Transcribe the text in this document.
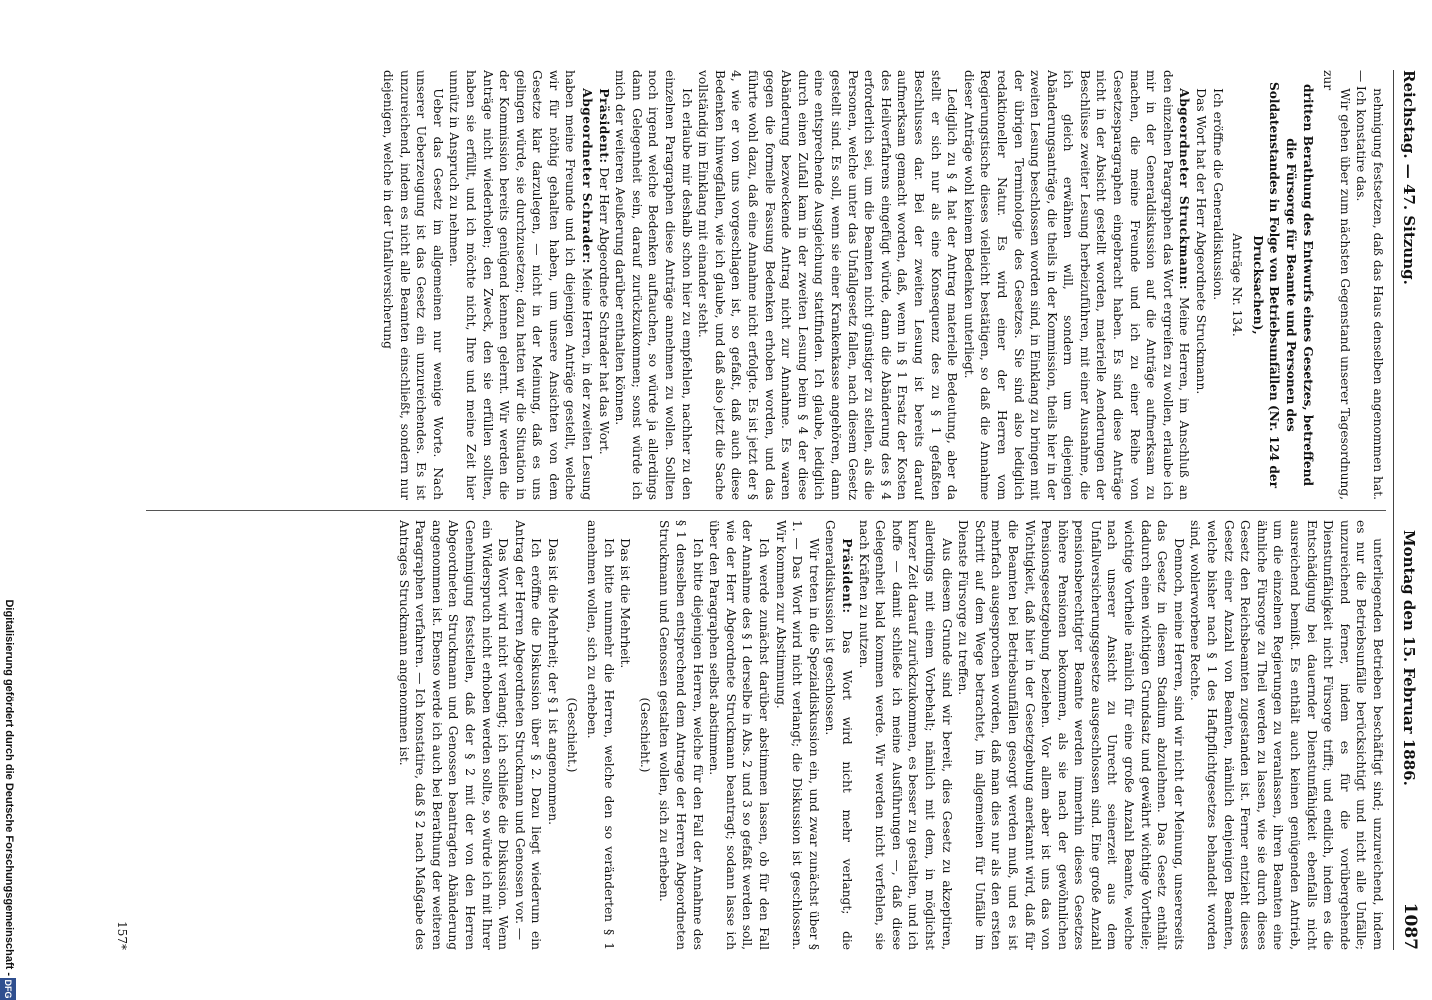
Reichstag. — 47. Sitzung.
Montag den 15. Februar 1886.
1087

nehmigung festsetzen, daß das Haus denselben angenommen hat. — Ich konstatire das.

Wir gehen über zum nächsten Gegenstand unserer Tagesordnung, zur

dritten Berathung des Entwurfs eines Gesetzes, betreffend die Fürsorge für Beamte und Personen des Soldatenstandes in Folge von Betriebsunfällen (Nr. 124 der Drucksachen),

Anträge Nr. 134.

Ich eröffne die Generaldiskussion.

Das Wort hat der Herr Abgeordnete Struckmann.

Abgeordneter Struckmann: Meine Herren, im Anschluß an den einzelnen Paragraphen das Wort ergreifen zu wollen, erlaube ich mir in der Generaldiskussion auf die Anträge aufmerksam zu machen, die meine Freunde und ich zu einer Reihe von Gesetzesparagraphen eingebracht haben. Es sind diese Anträge nicht in der Absicht gestellt worden, materielle Aenderungen der Beschlüsse zweiter Lesung herbeizuführen, mit einer Ausnahme, die ich gleich erwähnen will, sondern um diejenigen Abänderungsanträge, die theils in der Kommission, theils hier in der zweiten Lesung beschlossen worden sind, in Einklang zu bringen mit der übrigen Terminologie des Gesetzes. Sie sind also lediglich redaktioneller Natur. Es wird einer der Herren vom Regierungstische dieses vielleicht bestätigen, so daß die Annahme dieser Anträge wohl keinem Bedenken unterliegt.

Lediglich zu § 4 hat der Antrag materielle Bedeutung, aber da stellt er sich nur als eine Konsequenz des zu § 1 gefaßten Beschlusses dar. Bei der zweiten Lesung ist bereits darauf aufmerksam gemacht worden, daß, wenn in § 1 Ersatz der Kosten des Heilverfahrens eingefügt würde, dann die Abänderung des § 4 erforderlich sei, um die Beamten nicht günstiger zu stellen, als die Personen, welche unter das Unfallgesetz fallen, nach diesem Gesetz gestellt sind. Es soll, wenn sie einer Krankenkasse angehören, dann eine entsprechende Ausgleichung stattfinden. Ich glaube, lediglich durch einen Zufall kam in der zweiten Lesung beim § 4 der diese Abänderung bezweckende Antrag nicht zur Annahme. Es waren gegen die formelle Fassung Bedenken erhoben worden, und das führte wohl dazu, daß eine Annahme nicht erfolgte. Es ist jetzt der § 4, wie er von uns vorgeschlagen ist, so gefaßt, daß auch diese Bedenken hinwegfallen, wie ich glaube, und daß also jetzt die Sache vollständig im Einklang mit einander steht.

Ich erlaube mir deshalb schon hier zu empfehlen, nachher zu den einzelnen Paragraphen diese Anträge annehmen zu wollen. Sollten noch irgend welche Bedenken auftauchen, so würde ja allerdings dann Gelegenheit sein, darauf zurückzukommen; sonst würde ich mich der weiteren Aeußerung darüber enthalten können.

Präsident: Der Herr Abgeordnete Schrader hat das Wort.

Abgeordneter Schrader: Meine Herren, in der zweiten Lesung haben meine Freunde und ich diejenigen Anträge gestellt, welche wir für nöthig gehalten haben, um unsere Ansichten von dem Gesetze klar darzulegen, — nicht in der Meinung, daß es uns gelingen würde, sie durchzusetzen; dazu hatten wir die Situation in der Kommission bereits genügend kennen gelernt. Wir werden die Anträge nicht wiederholen; den Zweck, den sie erfüllen sollten, haben sie erfüllt, und ich möchte nicht, Ihre und meine Zeit hier unnütz in Anspruch zu nehmen.

Ueber das Gesetz im allgemeinen nur wenige Worte. Nach unserer Ueberzeugung ist das Gesetz ein unzureichendes. Es ist unzureichend, indem es nicht alle Beamten einschließt, sondern nur diejenigen, welche in der Unfallversicherung

unterliegenden Betrieben beschäftigt sind; unzureichend, indem es nur die Betriebsunfälle berücksichtigt und nicht alle Unfälle; unzureichend ferner, indem es für die vorübergehende Dienstunfähigkeit nicht Fürsorge trifft; und endlich, indem es die Entschädigung bei dauernder Dienstunfähigkeit ebenfalls nicht ausreichend bemißt. Es enthält auch keinen genügenden Antrieb, um die einzelnen Regierungen zu veranlassen, ihren Beamten eine ähnliche Fürsorge zu Theil werden zu lassen, wie sie durch dieses Gesetz den Reichsbeamten zugestanden ist. Ferner entzieht dieses Gesetz einer Anzahl von Beamten, nämlich denjenigen Beamten, welche bisher nach § 1 des Haftpflichtgesetzes behandelt worden sind, wohlerworbene Rechte.

Dennoch, meine Herren, sind wir nicht der Meinung, unsererseits das Gesetz in diesem Stadium abzulehnen. Das Gesetz enthält dadurch einen wichtigen Grundsatz und gewährt wichtige Vortheile; wichtige Vortheile nämlich für eine große Anzahl Beamte, welche nach unserer Ansicht zu Unrecht seinerzeit aus dem Unfallversicherungsgesetze ausgeschlossen sind. Eine große Anzahl pensionsberechtigter Beamte werden immerhin dieses Gesetzes höhere Pensionen bekommen, als sie nach der gewöhnlichen Pensionsgesetzgebung beziehen. Vor allem aber ist uns das von Wichtigkeit, daß hier in der Gesetzgebung anerkannt wird, daß für die Beamten bei Betriebsunfällen gesorgt werden muß, und es ist mehrfach ausgesprochen worden, daß man dies nur als den ersten Schritt auf dem Wege betrachtet, im allgemeinen für Unfälle im Dienste Fürsorge zu treffen.

Aus diesem Grunde sind wir bereit, dies Gesetz zu akzeptiren, allerdings mit einem Vorbehalt; nämlich mit dem, in möglichst kurzer Zeit darauf zurückzukommen, es besser zu gestalten, und ich hoffe — damit schließe ich meine Ausführungen —, daß diese Gelegenheit bald kommen werde. Wir werden nicht verfehlen, sie nach Kräften zu nutzen.

Präsident: Das Wort wird nicht mehr verlangt; die Generaldiskussion ist geschlossen.

Wir treten in die Spezialdiskussion ein, und zwar zunächst über § 1. — Das Wort wird nicht verlangt; die Diskussion ist geschlossen. Wir kommen zur Abstimmung.

Ich werde zunächst darüber abstimmen lassen, ob für den Fall der Annahme des § 1 derselbe in Abs. 2 und 3 so gefaßt werden soll, wie der Herr Abgeordnete Struckmann beantragt; sodann lasse ich über den Paragraphen selbst abstimmen.

Ich bitte diejenigen Herren, welche für den Fall der Annahme des § 1 denselben entsprechend dem Antrage der Herren Abgeordneten Struckmann und Genossen gestalten wollen, sich zu erheben.

(Geschieht.)

Das ist die Mehrheit.

Ich bitte nunmehr die Herren, welche den so veränderten § 1 annehmen wollen, sich zu erheben.

(Geschieht.)

Das ist die Mehrheit; der § 1 ist angenommen.

Ich eröffne die Diskussion über § 2. Dazu liegt wiederum ein Antrag der Herren Abgeordneten Struckmann und Genossen vor. —

Das Wort wird nicht verlangt; ich schließe die Diskussion. Wenn ein Widerspruch nicht erhoben werden sollte, so würde ich mit Ihrer Genehmigung feststellen, daß der § 2 mit der von den Herren Abgeordneten Struckmann und Genossen beantragten Abänderung angenommen ist. Ebenso werde ich auch bei Berathung der weiteren Paragraphen verfahren. — Ich konstatire, daß § 2 nach Maßgabe des Antrages Struckmann angenommen ist.

157*
Digitalisierung gefördert durch die Deutsche Forschungsgemeinschaft -
DFG
